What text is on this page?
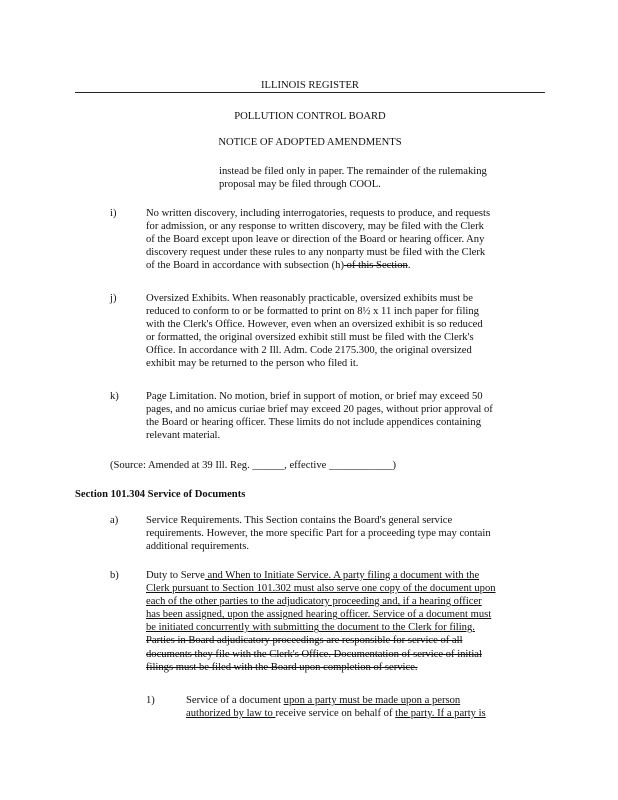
ILLINOIS REGISTER
POLLUTION CONTROL BOARD
NOTICE OF ADOPTED AMENDMENTS
instead be filed only in paper. The remainder of the rulemaking
proposal may be filed through COOL.
i)	No written discovery, including interrogatories, requests to produce, and requests
for admission, or any response to written discovery, may be filed with the Clerk
of the Board except upon leave or direction of the Board or hearing officer. Any
discovery request under these rules to any nonparty must be filed with the Clerk
of the Board in accordance with subsection (h) of this Section.
j)	Oversized Exhibits. When reasonably practicable, oversized exhibits must be
reduced to conform to or be formatted to print on 8½ x 11 inch paper for filing
with the Clerk's Office. However, even when an oversized exhibit is so reduced
or formatted, the original oversized exhibit still must be filed with the Clerk's
Office. In accordance with 2 Ill. Adm. Code 2175.300, the original oversized
exhibit may be returned to the person who filed it.
k)	Page Limitation. No motion, brief in support of motion, or brief may exceed 50
pages, and no amicus curiae brief may exceed 20 pages, without prior approval of
the Board or hearing officer. These limits do not include appendices containing
relevant material.
(Source: Amended at 39 Ill. Reg. ______, effective ____________)
Section 101.304 Service of Documents
a)	Service Requirements. This Section contains the Board's general service
requirements. However, the more specific Part for a proceeding type may contain
additional requirements.
b)	Duty to Serve and When to Initiate Service. A party filing a document with the
Clerk pursuant to Section 101.302 must also serve one copy of the document upon
each of the other parties to the adjudicatory proceeding and, if a hearing officer
has been assigned, upon the assigned hearing officer. Service of a document must
be initiated concurrently with submitting the document to the Clerk for filing.
Parties in Board adjudicatory proceedings are responsible for service of all
documents they file with the Clerk's Office. Documentation of service of initial
filings must be filed with the Board upon completion of service.
1)	Service of a document upon a party must be made upon a person
authorized by law to receive service on behalf of the party. If a party is
